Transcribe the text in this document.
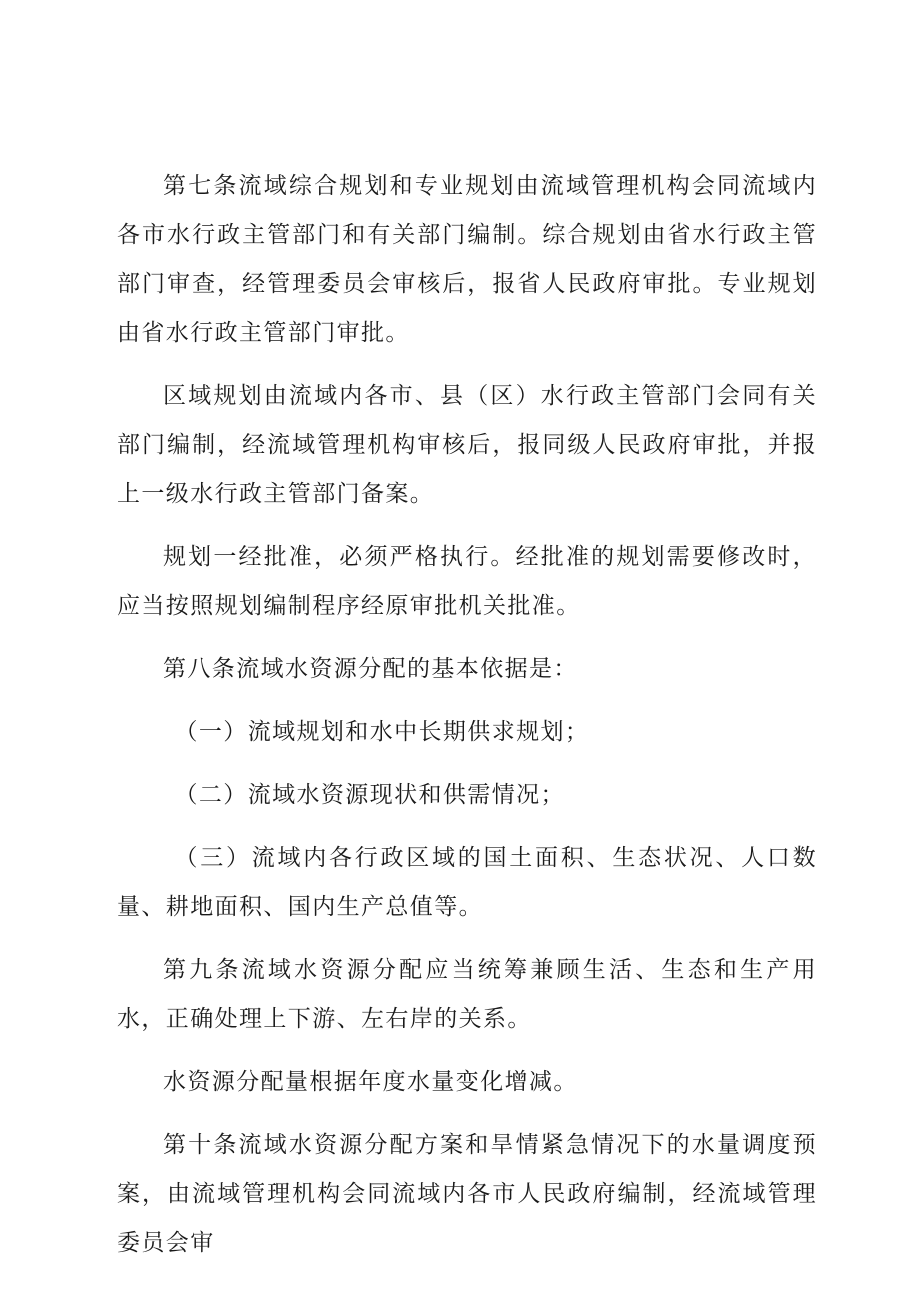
第七条流域综合规划和专业规划由流域管理机构会同流域内各市水行政主管部门和有关部门编制。综合规划由省水行政主管部门审查，经管理委员会审核后，报省人民政府审批。专业规划由省水行政主管部门审批。

区域规划由流域内各市、县（区）水行政主管部门会同有关部门编制，经流域管理机构审核后，报同级人民政府审批，并报上一级水行政主管部门备案。

规划一经批准，必须严格执行。经批准的规划需要修改时，应当按照规划编制程序经原审批机关批准。

第八条流域水资源分配的基本依据是：

（一）流域规划和水中长期供求规划；

（二）流域水资源现状和供需情况；

（三）流域内各行政区域的国土面积、生态状况、人口数量、耕地面积、国内生产总值等。

第九条流域水资源分配应当统筹兼顾生活、生态和生产用水，正确处理上下游、左右岸的关系。

水资源分配量根据年度水量变化增减。

第十条流域水资源分配方案和旱情紧急情况下的水量调度预案，由流域管理机构会同流域内各市人民政府编制，经流域管理委员会审
